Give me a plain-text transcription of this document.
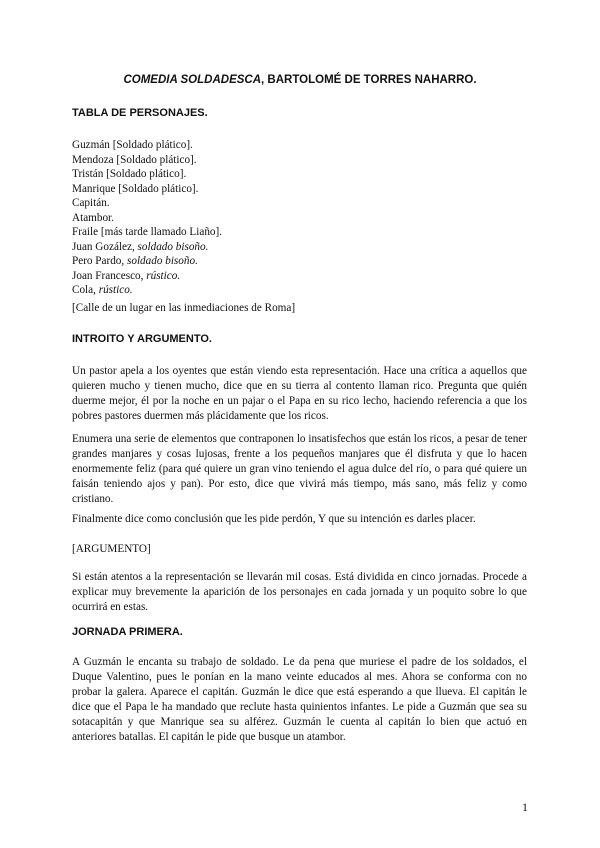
COMEDIA SOLDADESCA, BARTOLOMÉ DE TORRES NAHARRO.
TABLA DE PERSONAJES.
Guzmán [Soldado plático].
Mendoza [Soldado plático].
Tristán [Soldado plático].
Manrique [Soldado plático].
Capitán.
Atambor.
Fraile [más tarde llamado Liaño].
Juan Gozález, soldado bisoño.
Pero Pardo, soldado bisoño.
Joan Francesco, rústico.
Cola, rústico.
[Calle de un lugar en las inmediaciones de Roma]
INTROITO Y ARGUMENTO.

Un pastor apela a los oyentes que están viendo esta representación. Hace una crítica a aquellos que quieren mucho y tienen mucho, dice que en su tierra al contento llaman rico. Pregunta que quién duerme mejor, él por la noche en un pajar o el Papa en su rico lecho, haciendo referencia a que los pobres pastores duermen más plácidamente que los ricos.

Enumera una serie de elementos que contraponen lo insatisfechos que están los ricos, a pesar de tener grandes manjares y cosas lujosas, frente a los pequeños manjares que él disfruta y que lo hacen enormemente feliz (para qué quiere un gran vino teniendo el agua dulce del río, o para qué quiere un faisán teniendo ajos y pan). Por esto, dice que vivirá más tiempo, más sano, más feliz y como cristiano.

Finalmente dice como conclusión que les pide perdón, Y que su intención es darles placer.

[ARGUMENTO]

Si están atentos a la representación se llevarán mil cosas. Está dividida en cinco jornadas. Procede a explicar muy brevemente la aparición de los personajes en cada jornada y un poquito sobre lo que ocurrirá en estas.

JORNADA PRIMERA.

A Guzmán le encanta su trabajo de soldado. Le da pena que muriese el padre de los soldados, el Duque Valentino, pues le ponían en la mano veinte educados al mes. Ahora se conforma con no probar la galera. Aparece el capitán. Guzmán le dice que está esperando a que llueva. El capitán le dice que el Papa le ha mandado que reclute hasta quinientos infantes. Le pide a Guzmán que sea su sotacapitán y que Manrique sea su alférez. Guzmán le cuenta al capitán lo bien que actuó en anteriores batallas. El capitán le pide que busque un atambor.

1
